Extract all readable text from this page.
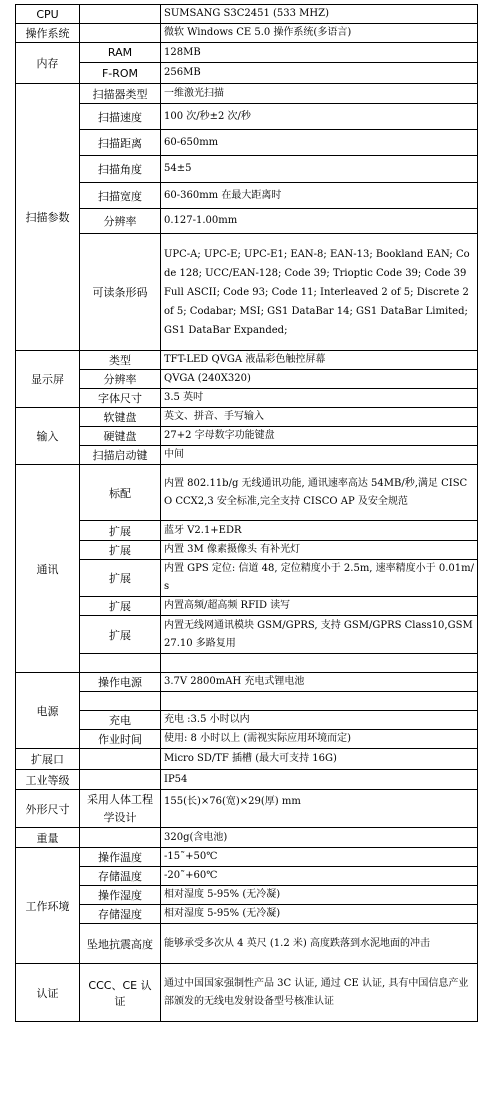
CPU		SUMSANG S3C2451 (533 MHZ)
操作系统		微软 Windows CE 5.0 操作系统(多语言)
内存	RAM	128MB
	F-ROM	256MB
扫描参数	扫描器类型	一维激光扫描
	扫描速度	100 次/秒±2 次/秒
	扫描距离	60-650mm
	扫描角度	54±5
	扫描宽度	60-360mm 在最大距离时
	分辨率	0.127-1.00mm
	可读条形码	UPC-A; UPC-E; UPC-E1; EAN-8; EAN-13; Bookland EAN; Code 128; UCC/EAN-128; Code 39; Trioptic Code 39; Code 39 Full ASCII; Code 93; Code 11; Interleaved 2 of 5; Discrete 2 of 5; Codabar; MSI; GS1 DataBar 14; GS1 DataBar Limited; GS1 DataBar Expanded;
显示屏	类型	TFT-LED QVGA 液晶彩色触控屏幕
	分辨率	QVGA (240X320)
	字体尺寸	3.5 英吋
输入	软键盘	英文、拼音、手写输入
	硬键盘	27+2 字母数字功能键盘
	扫描启动键	中间
通讯	标配	内置 802.11b/g 无线通讯功能, 通讯速率高达 54MB/秒,满足 CISCO CCX2,3 安全标准,完全支持 CISCO AP 及安全规范
	扩展	蓝牙 V2.1+EDR
	扩展	内置 3M 像素摄像头 有补光灯
	扩展	内置 GPS 定位: 信道 48, 定位精度小于 2.5m, 速率精度小于 0.01m/s
	扩展	内置高频/超高频 RFID 读写
	扩展	内置无线网通讯模块 GSM/GPRS, 支持 GSM/GPRS Class10,GSM27.10 多路复用

电源	操作电源	3.7V 2800mAH 充电式锂电池

	充电	充电 :3.5 小时以内
	作业时间	使用: 8 小时以上 (需视实际应用环境而定)
扩展口		Micro SD/TF 插槽 (最大可支持 16G)
工业等级		IP54
外形尺寸	采用人体工程学设计	155(长)×76(宽)×29(厚) mm
重量		320g(含电池)
工作环境	操作温度	-15˜+50℃
	存储温度	-20˜+60℃
	操作湿度	相对湿度 5-95% (无冷凝)
	存储湿度	相对湿度 5-95% (无冷凝)
	坠地抗震高度	能够承受多次从 4 英尺 (1.2 米) 高度跌落到水泥地面的冲击
认证	CCC、CE 认证	通过中国国家强制性产品 3C 认证, 通过 CE 认证, 具有中国信息产业部颁发的无线电发射设备型号核准认证
